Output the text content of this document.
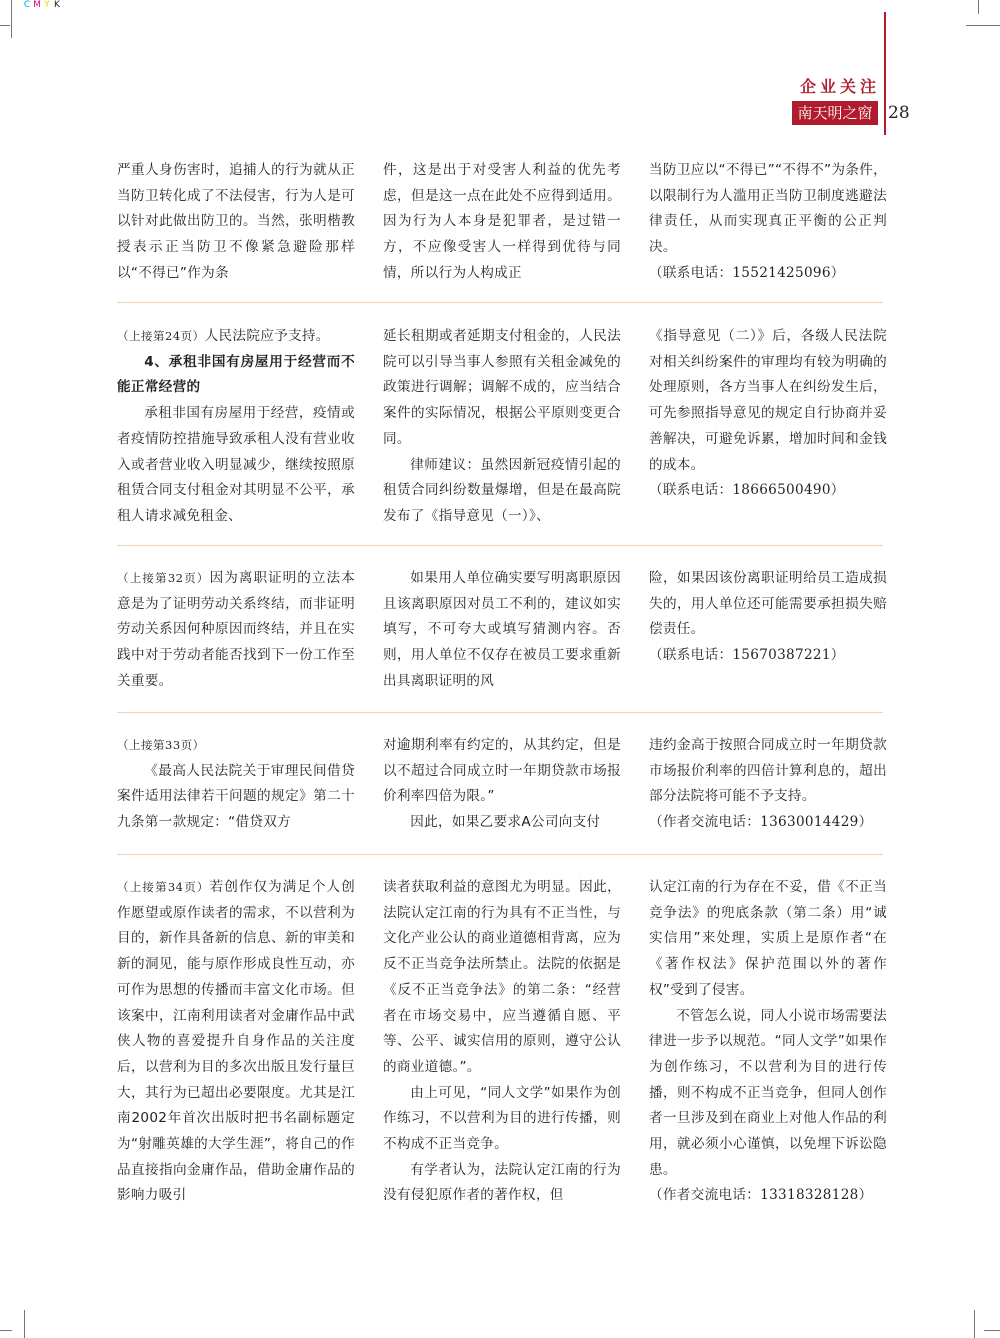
C M Y K
企业关注
南天明之窗 28

严重人身伤害时，追捕人的行为就从正当防卫转化成了不法侵害，行为人是可以针对此做出防卫的。当然，张明楷教授表示正当防卫不像紧急避险那样以“不得已”作为条

件，这是出于对受害人利益的优先考虑，但是这一点在此处不应得到适用。因为行为人本身是犯罪者，是过错一方，不应像受害人一样得到优待与同情，所以行为人构成正

当防卫应以“不得已”“不得不”为条件，以限制行为人滥用正当防卫制度逃避法律责任，从而实现真正平衡的公正判决。

（联系电话：15521425096）

（上接第24页）人民法院应予支持。

4、承租非国有房屋用于经营而不能正常经营的

承租非国有房屋用于经营，疫情或者疫情防控措施导致承租人没有营业收入或者营业收入明显减少，继续按照原租赁合同支付租金对其明显不公平，承租人请求减免租金、

延长租期或者延期支付租金的，人民法院可以引导当事人参照有关租金减免的政策进行调解；调解不成的，应当结合案件的实际情况，根据公平原则变更合同。

律师建议：虽然因新冠疫情引起的租赁合同纠纷数量爆增，但是在最高院发布了《指导意见（一）》、

《指导意见（二）》后，各级人民法院对相关纠纷案件的审理均有较为明确的处理原则，各方当事人在纠纷发生后，可先参照指导意见的规定自行协商并妥善解决，可避免诉累，增加时间和金钱的成本。

（联系电话：18666500490）

（上接第32页）因为离职证明的立法本意是为了证明劳动关系终结，而非证明劳动关系因何种原因而终结，并且在实践中对于劳动者能否找到下一份工作至关重要。

如果用人单位确实要写明离职原因且该离职原因对员工不利的，建议如实填写，不可夸大或填写猜测内容。否则，用人单位不仅存在被员工要求重新出具离职证明的风

险，如果因该份离职证明给员工造成损失的，用人单位还可能需要承担损失赔偿责任。

（联系电话：15670387221）

（上接第33页）

《最高人民法院关于审理民间借贷案件适用法律若干问题的规定》第二十九条第一款规定：“借贷双方

对逾期利率有约定的，从其约定，但是以不超过合同成立时一年期贷款市场报价利率四倍为限。”

因此，如果乙要求A公司向支付

违约金高于按照合同成立时一年期贷款市场报价利率的四倍计算利息的，超出部分法院将可能不予支持。

（作者交流电话：13630014429）

（上接第34页）若创作仅为满足个人创作愿望或原作读者的需求，不以营利为目的，新作具备新的信息、新的审美和新的洞见，能与原作形成良性互动，亦可作为思想的传播而丰富文化市场。但该案中，江南利用读者对金庸作品中武侠人物的喜爱提升自身作品的关注度后，以营利为目的多次出版且发行量巨大，其行为已超出必要限度。尤其是江南2002年首次出版时把书名副标题定为“射雕英雄的大学生涯”，将自己的作品直接指向金庸作品，借助金庸作品的影响力吸引

读者获取利益的意图尤为明显。因此，法院认定江南的行为具有不正当性，与文化产业公认的商业道德相背离，应为反不正当竞争法所禁止。法院的依据是《反不正当竞争法》的第二条：“经营者在市场交易中，应当遵循自愿、平等、公平、诚实信用的原则，遵守公认的商业道德。”。

由上可见，“同人文学”如果作为创作练习，不以营利为目的进行传播，则不构成不正当竞争。

有学者认为，法院认定江南的行为没有侵犯原作者的著作权，但

认定江南的行为存在不妥，借《不正当竞争法》的兜底条款（第二条）用“诚实信用”来处理，实质上是原作者“在《著作权法》保护范围以外的著作权”受到了侵害。

不管怎么说，同人小说市场需要法律进一步予以规范。“同人文学”如果作为创作练习，不以营利为目的进行传播，则不构成不正当竞争，但同人创作者一旦涉及到在商业上对他人作品的利用，就必须小心谨慎，以免埋下诉讼隐患。

（作者交流电话：13318328128）
